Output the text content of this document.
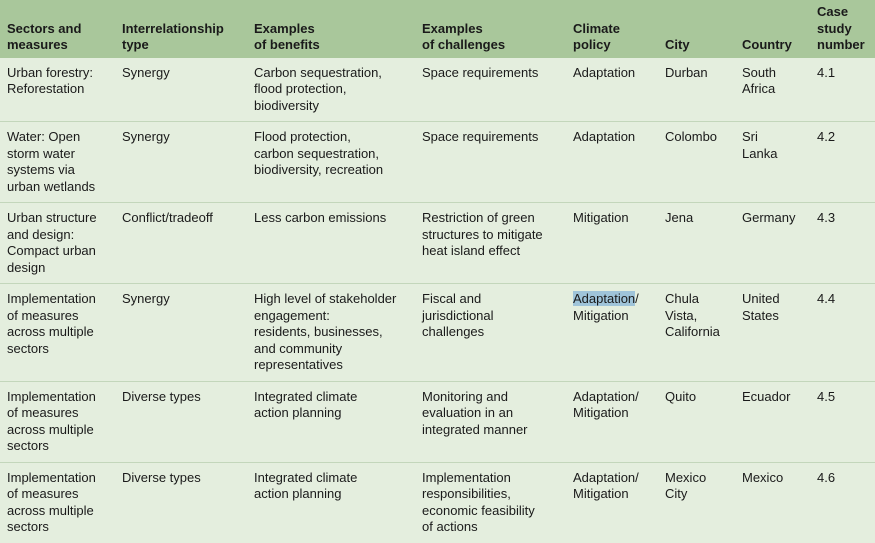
Sectors and
measures	Interrelationship
type	Examples
of benefits	Examples
of challenges	Climate
policy	City	Country	Case
study
number
Urban forestry:
Reforestation	Synergy	Carbon sequestration,
flood protection,
biodiversity	Space requirements	Adaptation	Durban	South
Africa	4.1
Water: Open
storm water
systems via
urban wetlands	Synergy	Flood protection,
carbon sequestration,
biodiversity, recreation	Space requirements	Adaptation	Colombo	Sri
Lanka	4.2
Urban structure
and design:
Compact urban
design	Conflict/tradeoff	Less carbon emissions	Restriction of green
structures to mitigate
heat island effect	Mitigation	Jena	Germany	4.3
Implementation
of measures
across multiple
sectors	Synergy	High level of stakeholder
engagement:
residents, businesses,
and community
representatives	Fiscal and
jurisdictional
challenges	Adaptation/
Mitigation	Chula
Vista,
California	United
States	4.4
Implementation
of measures
across multiple
sectors	Diverse types	Integrated climate
action planning	Monitoring and
evaluation in an
integrated manner	Adaptation/
Mitigation	Quito	Ecuador	4.5
Implementation
of measures
across multiple
sectors	Diverse types	Integrated climate
action planning	Implementation
responsibilities,
economic feasibility
of actions	Adaptation/
Mitigation	Mexico
City	Mexico	4.6
